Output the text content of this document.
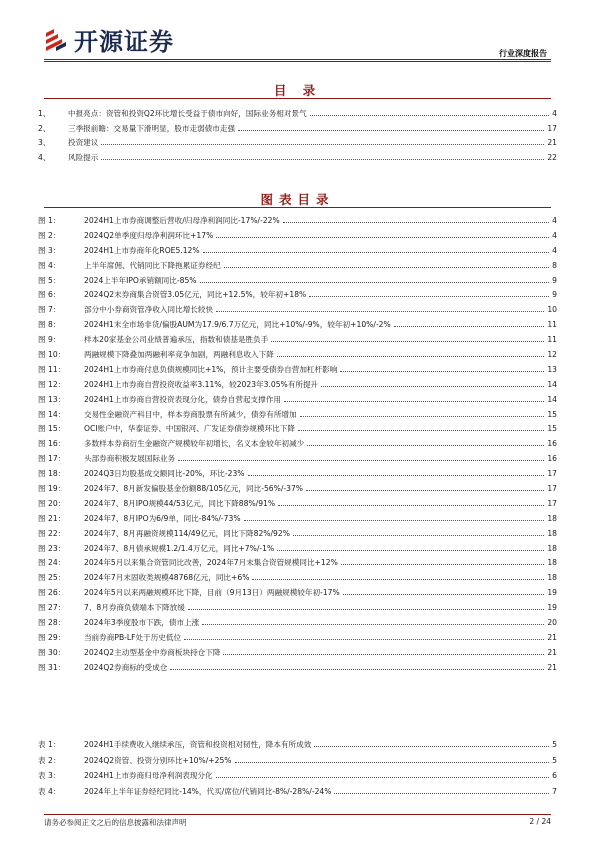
开源证券	行业深度报告
目 录
1、	中报亮点：资管和投资Q2环比增长受益于债市向好，国际业务相对景气	4
2、	三季报前瞻：交易量下滑明显，股市走弱债市走强	17
3、	投资建议	21
4、	风险提示	22
图表目录
图 1：	2024H1上市券商调整后营收/归母净利润同比-17%/-22%	4
图 2：	2024Q2单季度归母净利润环比+17%	4
图 3：	2024H1上市券商年化ROE5.12%	4
图 4：	上半年席佣、代销同比下降拖累证券经纪	8
图 5：	2024上半年IPO承销额同比-85%	9
图 6：	2024Q2末券商集合资管3.05亿元，同比+12.5%，较年初+18%	9
图 7：	部分中小券商资管净收入同比增长较快	10
图 8：	2024H1末全市场非货/偏股AUM为17.9/6.7万亿元，同比+10%/-9%，较年初+10%/-2%	11
图 9：	样本20家基金公司业绩普遍承压，指数和债基是胜负手	11
图 10：	两融规模下降叠加两融利率竞争加剧，两融利息收入下降	12
图 11：	2024H1上市券商付息负债规模同比+1%，预计主要受债券自营加杠杆影响	13
图 12：	2024H1上市券商自营投资收益率3.11%，较2023年3.05%有所提升	14
图 13：	2024H1上市券商自营投资表现分化，债券自营起支撑作用	14
图 14：	交易性金融资产科目中，样本券商股票有所减少，债券有所增加	15
图 15：	OCI账户中，华泰证券、中国银河、广发证券债券规模环比下降	15
图 16：	多数样本券商衍生金融资产规模较年初增长，名义本金较年初减少	16
图 17：	头部券商积极发展国际业务	16
图 18：	2024Q3日均股基成交额同比-20%，环比-23%	17
图 19：	2024年7、8月新发偏股基金份额88/105亿元，同比-56%/-37%	17
图 20：	2024年7、8月IPO规模44/53亿元，同比下降88%/91%	17
图 21：	2024年7、8月IPO为6/9单，同比-84%/-73%	18
图 22：	2024年7、8月再融资规模114/49亿元，同比下降82%/92%	18
图 23：	2024年7、8月债承规模1.2/1.4万亿元，同比+7%/-1%	18
图 24：	2024年5月以来集合资管同比改善，2024年7月末集合资管规模同比+12%	18
图 25：	2024年7月末固收类规模48768亿元，同比+6%	18
图 26：	2024年5月以来两融规模环比下降，目前（9月13日）两融规模较年初-17%	19
图 27：	7、8月券商负债端本下降放缓	19
图 28：	2024年3季度股市下跌，债市上涨	20
图 29：	当前券商PB-LF处于历史低位	21
图 30：	2024Q2主动型基金中券商板块持仓下降	21
图 31：	2024Q2券商标的受成仓	21
表 1：	2024H1手续费收入继续承压，资管和投资相对韧性，降本有所成效	5
表 2：	2024Q2资管、投资分别环比+10%/+25%	5
表 3：	2024H1上市券商归母净利润表现分化	6
表 4：	2024年上半年证券经纪同比-14%，代买/席位/代销同比-8%/-28%/-24%	7
请务必参阅正文之后的信息披露和法律声明	2 / 24
